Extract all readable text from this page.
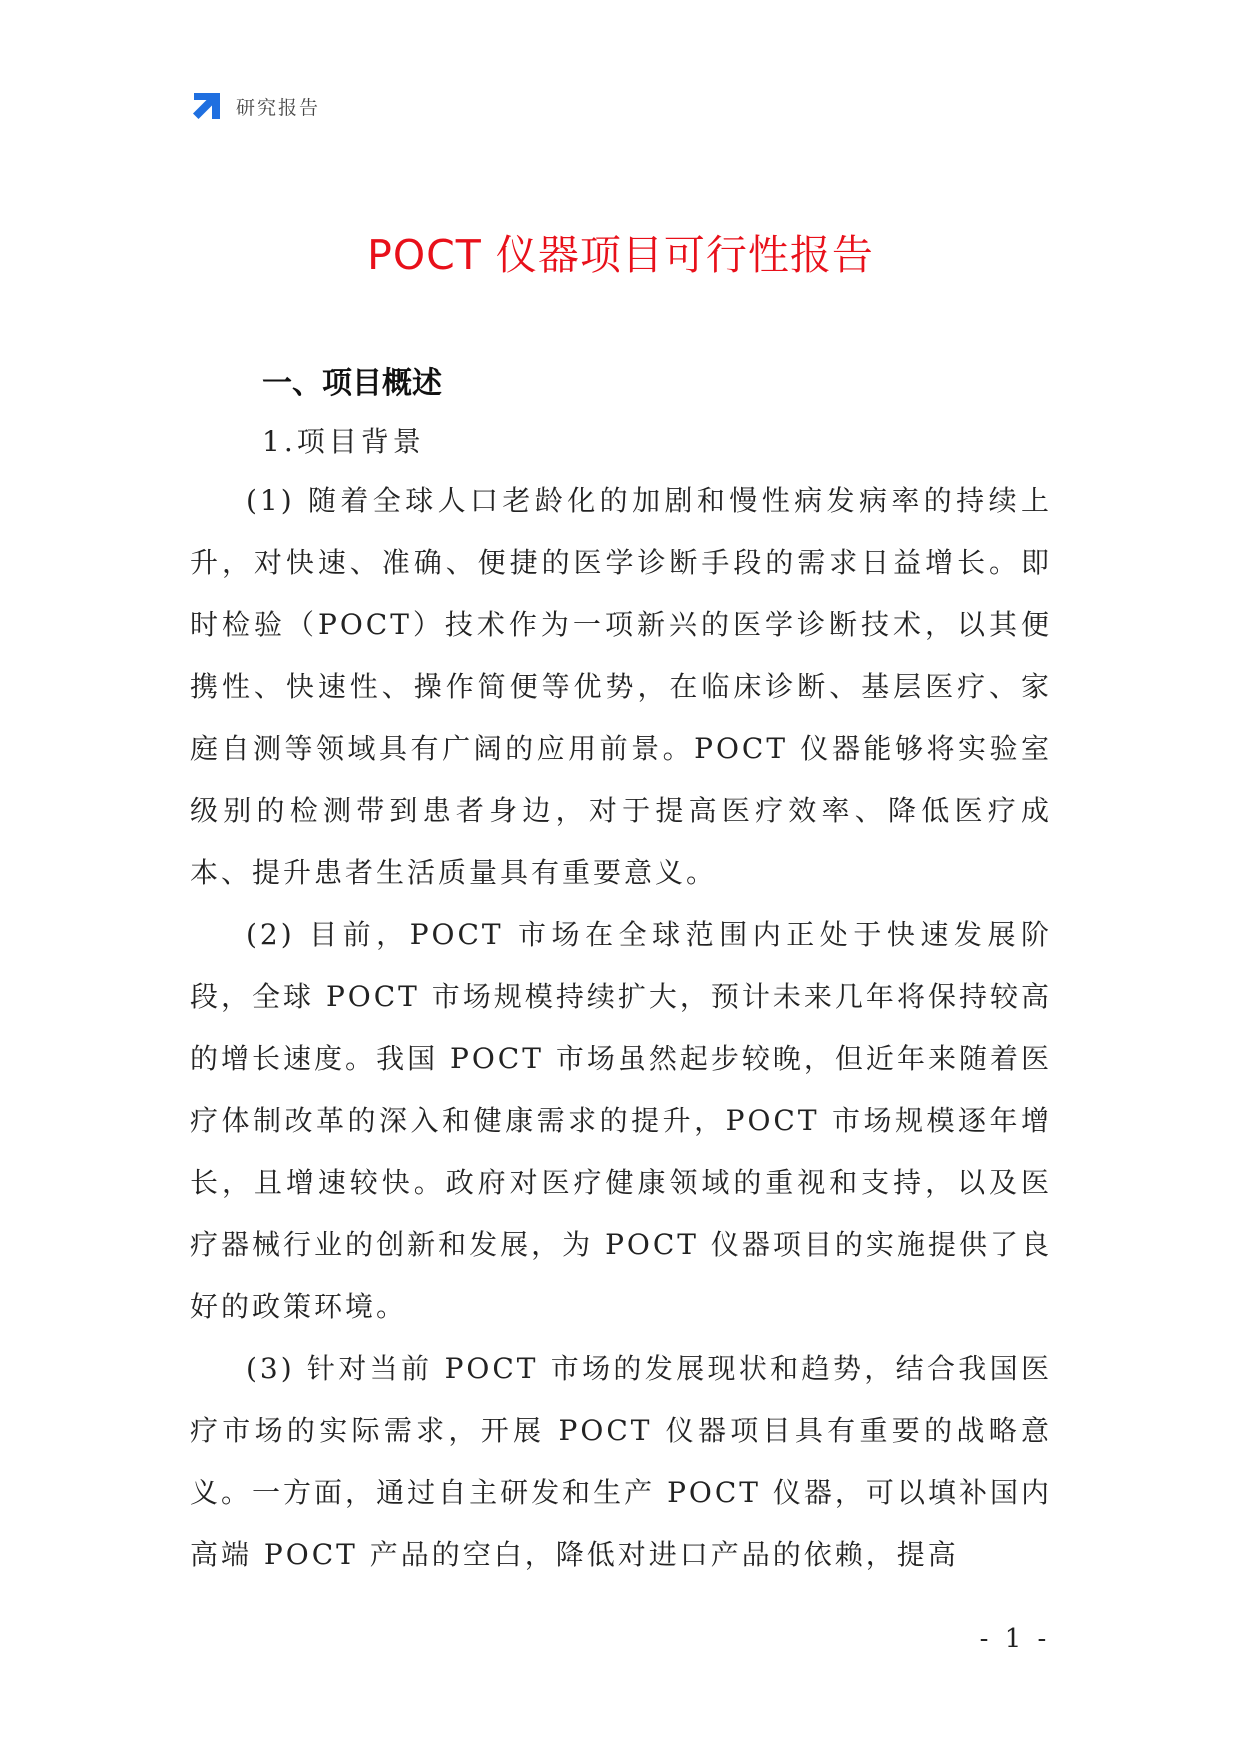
研究报告
POCT 仪器项目可行性报告
一、项目概述
1.项目背景

(1) 随着全球人口老龄化的加剧和慢性病发病率的持续上升，对快速、准确、便捷的医学诊断手段的需求日益增长。即时检验（POCT）技术作为一项新兴的医学诊断技术，以其便携性、快速性、操作简便等优势，在临床诊断、基层医疗、家庭自测等领域具有广阔的应用前景。POCT 仪器能够将实验室级别的检测带到患者身边，对于提高医疗效率、降低医疗成本、提升患者生活质量具有重要意义。

(2) 目前，POCT 市场在全球范围内正处于快速发展阶段，全球 POCT 市场规模持续扩大，预计未来几年将保持较高的增长速度。我国 POCT 市场虽然起步较晚，但近年来随着医疗体制改革的深入和健康需求的提升，POCT 市场规模逐年增长，且增速较快。政府对医疗健康领域的重视和支持，以及医疗器械行业的创新和发展，为 POCT 仪器项目的实施提供了良好的政策环境。

(3) 针对当前 POCT 市场的发展现状和趋势，结合我国医疗市场的实际需求，开展 POCT 仪器项目具有重要的战略意义。一方面，通过自主研发和生产 POCT 仪器，可以填补国内高端 POCT 产品的空白，降低对进口产品的依赖，提高

- 1 -
